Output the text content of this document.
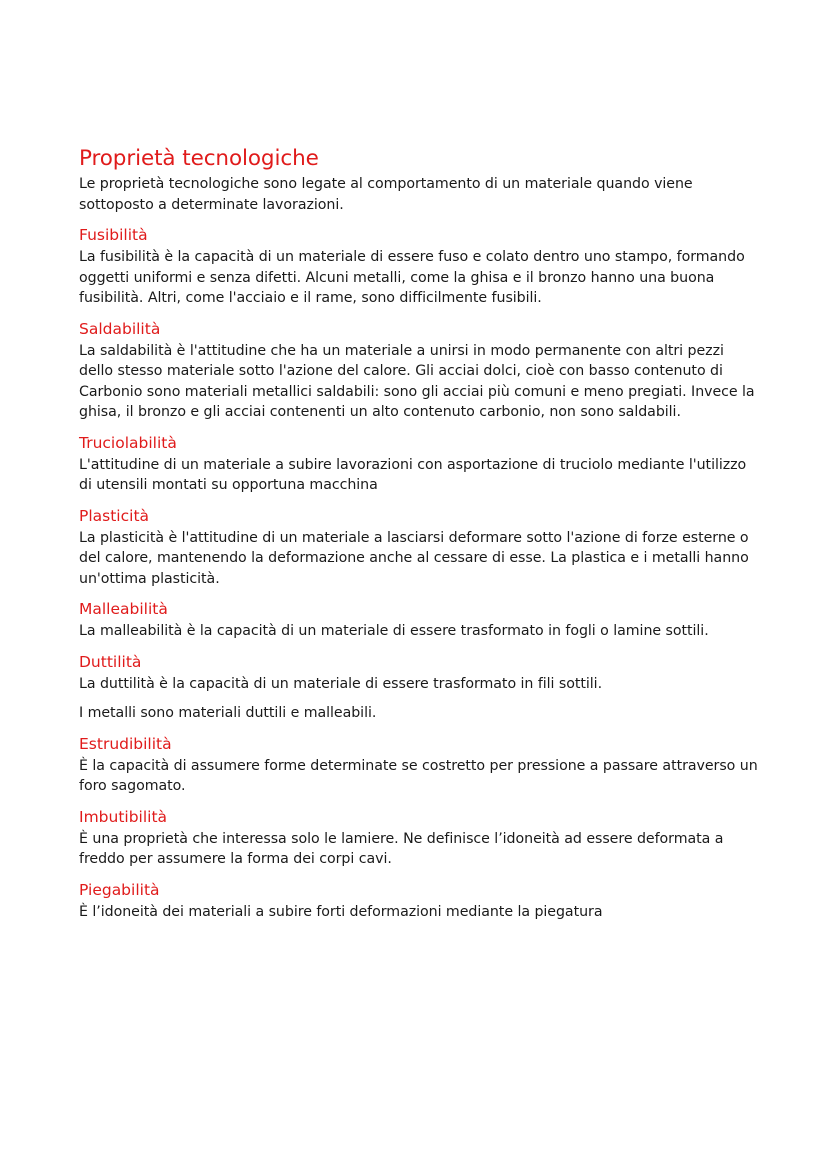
Proprietà tecnologiche

Le proprietà tecnologiche sono legate al comportamento di un materiale quando viene sottoposto a determinate lavorazioni.

Fusibilità

La fusibilità è la capacità di un materiale di essere fuso e colato dentro uno stampo, formando oggetti uniformi e senza difetti. Alcuni metalli, come la ghisa e il bronzo hanno una buona fusibilità. Altri, come l'acciaio e il rame, sono difficilmente fusibili.

Saldabilità

La saldabilità è l'attitudine che ha un materiale a unirsi in modo permanente con altri pezzi dello stesso materiale sotto l'azione del calore. Gli acciai dolci, cioè con basso contenuto di Carbonio sono materiali metallici saldabili: sono gli acciai più comuni e meno pregiati. Invece la ghisa, il bronzo e gli acciai contenenti un alto contenuto carbonio, non sono saldabili.

Truciolabilità

L'attitudine di un materiale a subire lavorazioni con asportazione di truciolo mediante l'utilizzo di utensili montati su opportuna macchina

Plasticità

La plasticità è l'attitudine di un materiale a lasciarsi deformare sotto l'azione di forze esterne o del calore, mantenendo la deformazione anche al cessare di esse. La plastica e i metalli hanno un'ottima plasticità.

Malleabilità

La malleabilità è la capacità di un materiale di essere trasformato in fogli o lamine sottili.

Duttilità

La duttilità è la capacità di un materiale di essere trasformato in fili sottili.

I metalli sono materiali duttili e malleabili.

Estrudibilità

È la capacità di assumere forme determinate se costretto per pressione a passare attraverso un foro sagomato.

Imbutibilità

È una proprietà che interessa solo le lamiere. Ne definisce l’idoneità ad essere deformata a freddo per assumere la forma dei corpi cavi.

Piegabilità

È l’idoneità dei materiali a subire forti deformazioni mediante la piegatura
